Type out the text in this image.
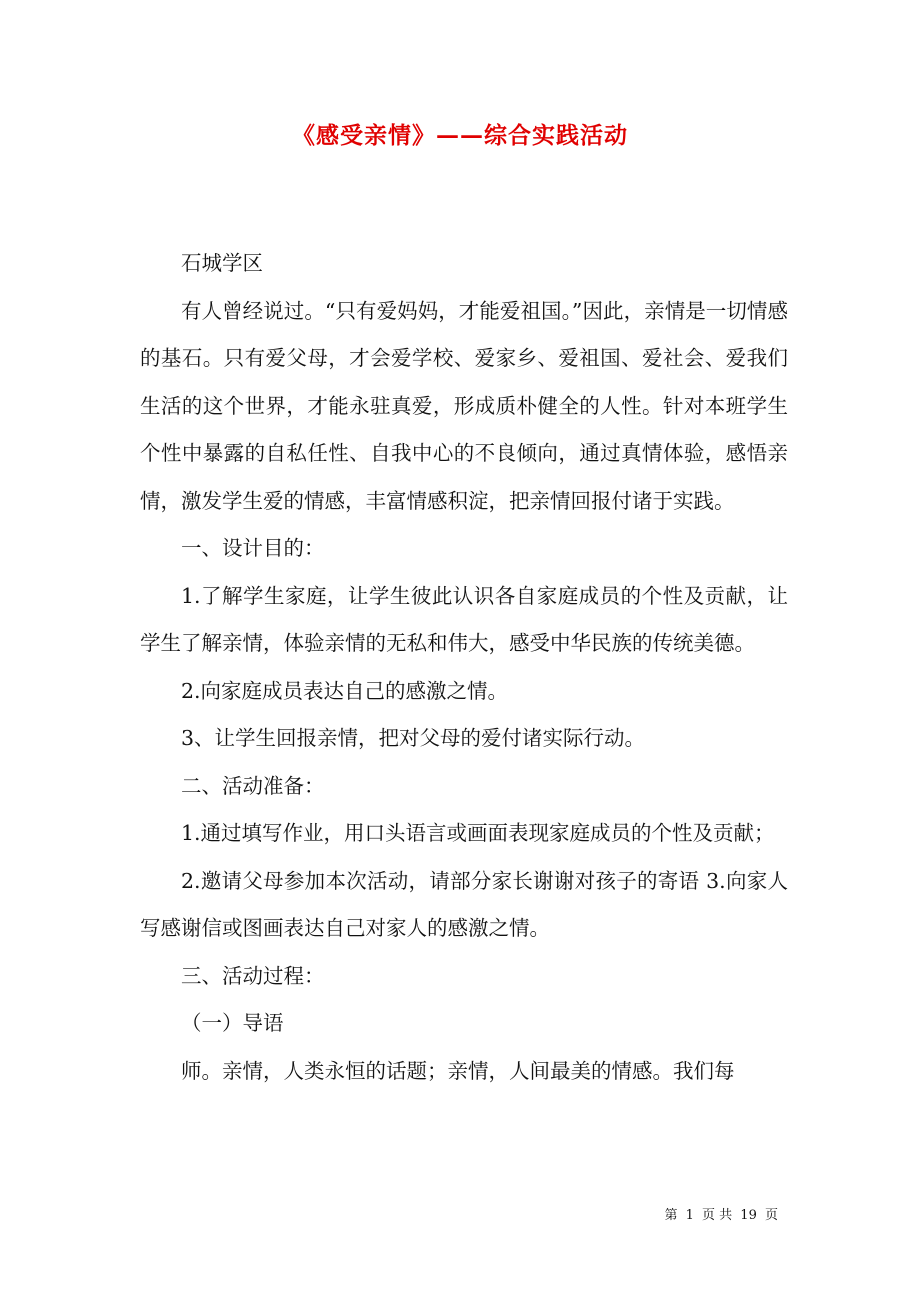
《感受亲情》——综合实践活动

石城学区

有人曾经说过。“只有爱妈妈，才能爱祖国。”因此，亲情是一切情感的基石。只有爱父母，才会爱学校、爱家乡、爱祖国、爱社会、爱我们生活的这个世界，才能永驻真爱，形成质朴健全的人性。针对本班学生个性中暴露的自私任性、自我中心的不良倾向，通过真情体验，感悟亲情，激发学生爱的情感，丰富情感积淀，把亲情回报付诸于实践。

一、设计目的：

1.了解学生家庭，让学生彼此认识各自家庭成员的个性及贡献，让学生了解亲情，体验亲情的无私和伟大，感受中华民族的传统美德。

2.向家庭成员表达自己的感激之情。

3、让学生回报亲情，把对父母的爱付诸实际行动。

二、活动准备：

1.通过填写作业，用口头语言或画面表现家庭成员的个性及贡献；

2.邀请父母参加本次活动，请部分家长谢谢对孩子的寄语 3.向家人写感谢信或图画表达自己对家人的感激之情。

三、活动过程：

（一）导语

师。亲情，人类永恒的话题；亲情，人间最美的情感。我们每

第 1 页 共 19 页
